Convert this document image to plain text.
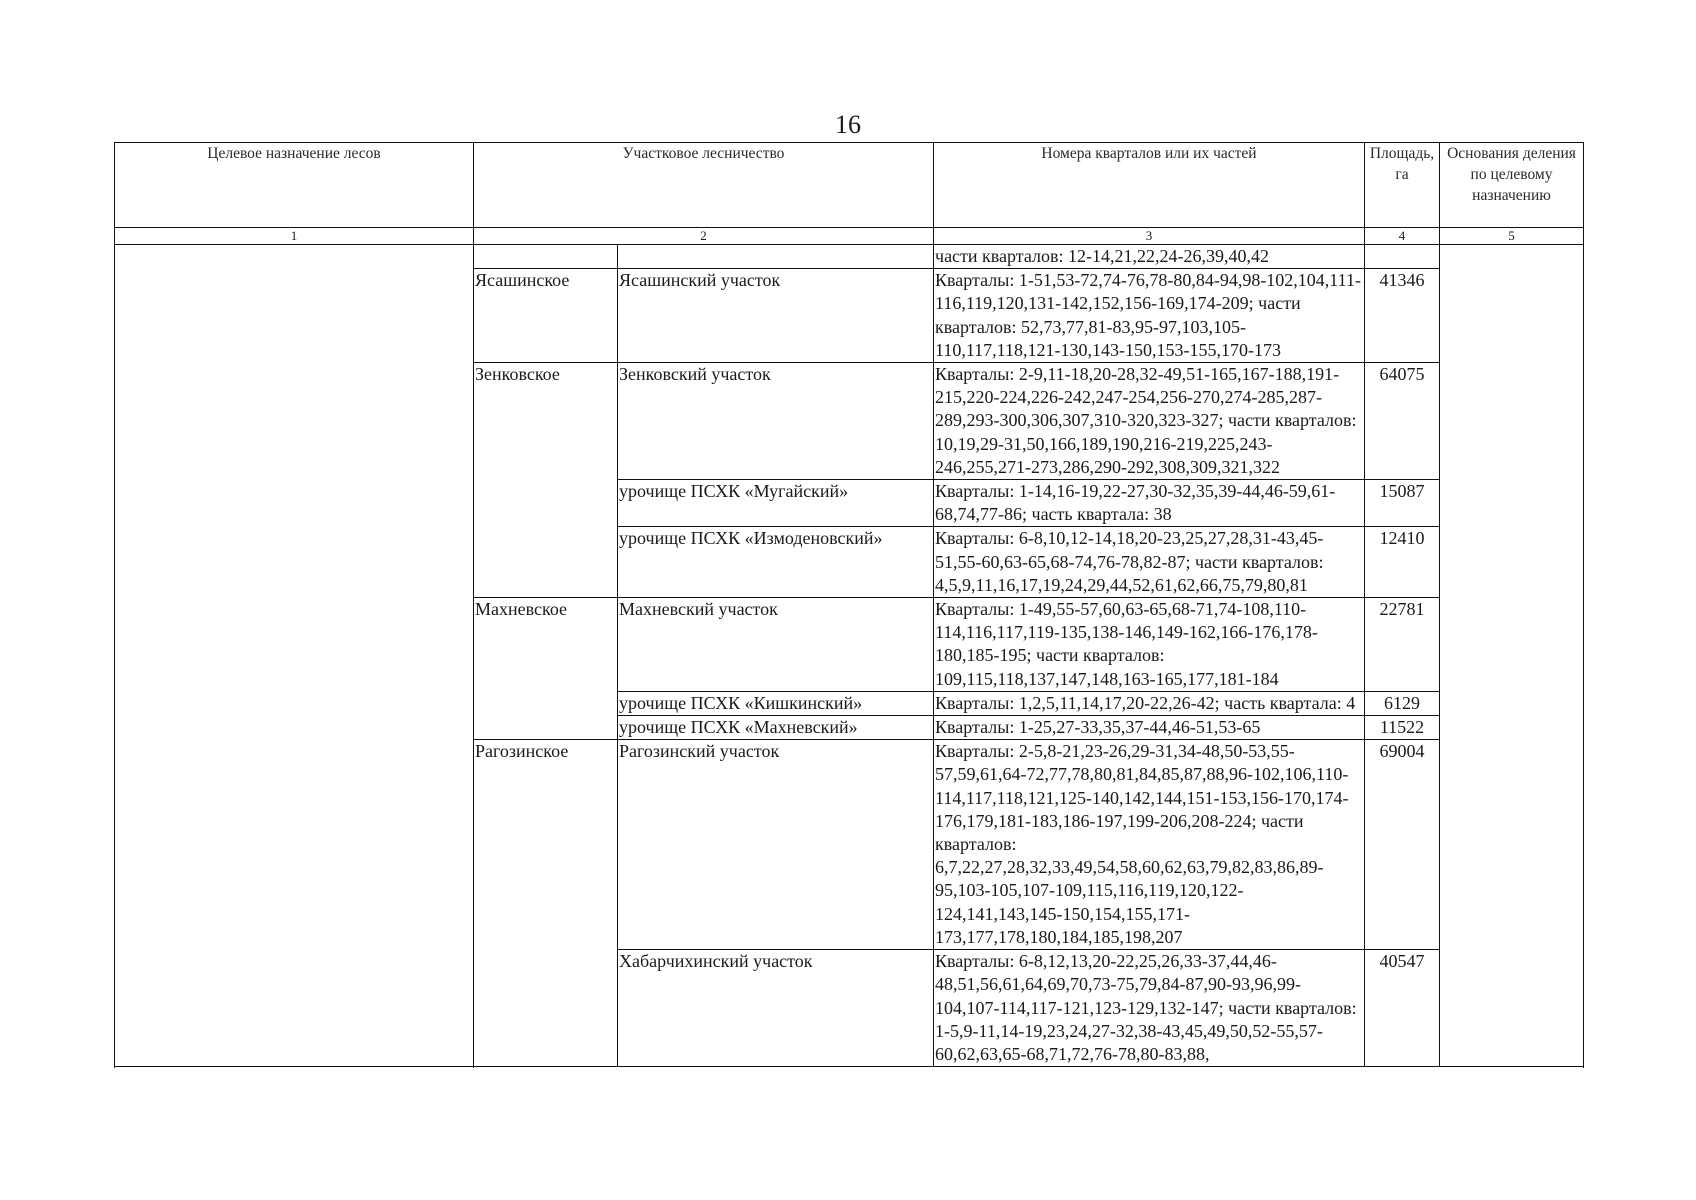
16
Целевое назначение лесов	Участковое лесничество		Номера кварталов или их частей	Площадь, га	Основания деления по целевому назначению
1	2		3	4	5
			части кварталов: 12-14,21,22,24-26,39,40,42		
	Ясашинское	Ясашинский участок	Кварталы: 1-51,53-72,74-76,78-80,84-94,98-102,104,111-116,119,120,131-142,152,156-169,174-209; части кварталов: 52,73,77,81-83,95-97,103,105-110,117,118,121-130,143-150,153-155,170-173	41346	
	Зенковское	Зенковский участок	Кварталы: 2-9,11-18,20-28,32-49,51-165,167-188,191-215,220-224,226-242,247-254,256-270,274-285,287-289,293-300,306,307,310-320,323-327; части кварталов: 10,19,29-31,50,166,189,190,216-219,225,243-246,255,271-273,286,290-292,308,309,321,322	64075	
		урочище ПСХК «Мугайский»	Кварталы: 1-14,16-19,22-27,30-32,35,39-44,46-59,61-68,74,77-86; часть квартала: 38	15087	
		урочище ПСХК «Измоденовский»	Кварталы: 6-8,10,12-14,18,20-23,25,27,28,31-43,45-51,55-60,63-65,68-74,76-78,82-87; части кварталов: 4,5,9,11,16,17,19,24,29,44,52,61,62,66,75,79,80,81	12410	
	Махневское	Махневский участок	Кварталы: 1-49,55-57,60,63-65,68-71,74-108,110-114,116,117,119-135,138-146,149-162,166-176,178-180,185-195; части кварталов: 109,115,118,137,147,148,163-165,177,181-184	22781	
		урочище ПСХК «Кишкинский»	Кварталы: 1,2,5,11,14,17,20-22,26-42; часть квартала: 4	6129	
		урочище ПСХК «Махневский»	Кварталы: 1-25,27-33,35,37-44,46-51,53-65	11522	
	Рагозинское	Рагозинский участок	Кварталы: 2-5,8-21,23-26,29-31,34-48,50-53,55-57,59,61,64-72,77,78,80,81,84,85,87,88,96-102,106,110-114,117,118,121,125-140,142,144,151-153,156-170,174-176,179,181-183,186-197,199-206,208-224; части кварталов: 6,7,22,27,28,32,33,49,54,58,60,62,63,79,82,83,86,89-95,103-105,107-109,115,116,119,120,122-124,141,143,145-150,154,155,171-173,177,178,180,184,185,198,207	69004	
		Хабарчихинский участок	Кварталы: 6-8,12,13,20-22,25,26,33-37,44,46-48,51,56,61,64,69,70,73-75,79,84-87,90-93,96,99-104,107-114,117-121,123-129,132-147; части кварталов: 1-5,9-11,14-19,23,24,27-32,38-43,45,49,50,52-55,57-60,62,63,65-68,71,72,76-78,80-83,88,	40547	
